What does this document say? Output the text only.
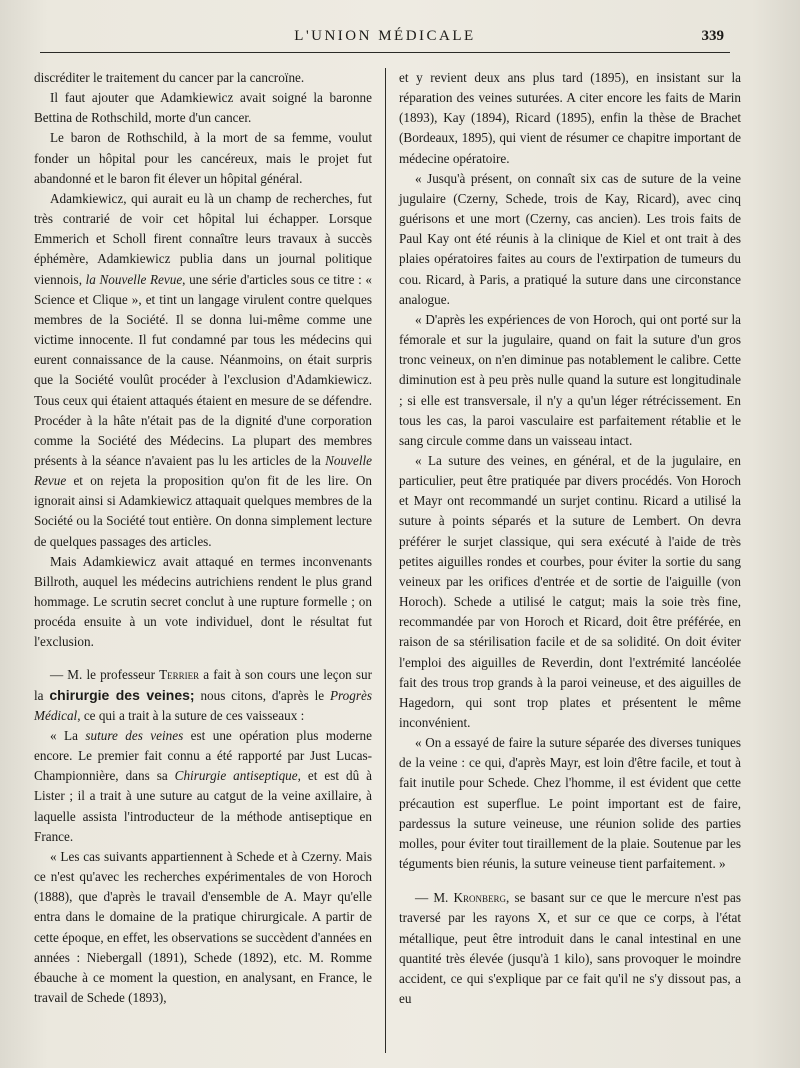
L'UNION MÉDICALE	339

discréditer le traitement du cancer par la cancroïne.

Il faut ajouter que Adamkiewicz avait soigné la baronne Bettina de Rothschild, morte d'un cancer.

Le baron de Rothschild, à la mort de sa femme, voulut fonder un hôpital pour les cancéreux, mais le projet fut abandonné et le baron fit élever un hôpital général.

Adamkiewicz, qui aurait eu là un champ de recherches, fut très contrarié de voir cet hôpital lui échapper. Lorsque Emmerich et Scholl firent connaître leurs travaux à succès éphémère, Adamkiewicz publia dans un journal politique viennois, la Nouvelle Revue, une série d'articles sous ce titre : « Science et Clique », et tint un langage virulent contre quelques membres de la Société. Il se donna lui-même comme une victime innocente. Il fut condamné par tous les médecins qui eurent connaissance de la cause. Néanmoins, on était surpris que la Société voulût procéder à l'exclusion d'Adamkiewicz. Tous ceux qui étaient attaqués étaient en mesure de se défendre. Procéder à la hâte n'était pas de la dignité d'une corporation comme la Société des Médecins. La plupart des membres présents à la séance n'avaient pas lu les articles de la Nouvelle Revue et on rejeta la proposition qu'on fit de les lire. On ignorait ainsi si Adamkiewicz attaquait quelques membres de la Société ou la Société tout entière. On donna simplement lecture de quelques passages des articles.

Mais Adamkiewicz avait attaqué en termes inconvenants Billroth, auquel les médecins autrichiens rendent le plus grand hommage. Le scrutin secret conclut à une rupture formelle ; on procéda ensuite à un vote individuel, dont le résultat fut l'exclusion.

— M. le professeur Terrier a fait à son cours une leçon sur la chirurgie des veines; nous citons, d'après le Progrès Médical, ce qui a trait à la suture de ces vaisseaux :

« La suture des veines est une opération plus moderne encore. Le premier fait connu a été rapporté par Just Lucas-Championnière, dans sa Chirurgie antiseptique, et est dû à Lister ; il a trait à une suture au catgut de la veine axillaire, à laquelle assista l'introducteur de la méthode antiseptique en France.

« Les cas suivants appartiennent à Schede et à Czerny. Mais ce n'est qu'avec les recherches expérimentales de von Horoch (1888), que d'après le travail d'ensemble de A. Mayr qu'elle entra dans le domaine de la pratique chirurgicale. A partir de cette époque, en effet, les observations se succèdent d'années en années : Niebergall (1891), Schede (1892), etc. M. Romme ébauche à ce moment la question, en analysant, en France, le travail de Schede (1893),

et y revient deux ans plus tard (1895), en insistant sur la réparation des veines suturées. A citer encore les faits de Marin (1893), Kay (1894), Ricard (1895), enfin la thèse de Brachet (Bordeaux, 1895), qui vient de résumer ce chapitre important de médecine opératoire.

« Jusqu'à présent, on connaît six cas de suture de la veine jugulaire (Czerny, Schede, trois de Kay, Ricard), avec cinq guérisons et une mort (Czerny, cas ancien). Les trois faits de Paul Kay ont été réunis à la clinique de Kiel et ont trait à des plaies opératoires faites au cours de l'extirpation de tumeurs du cou. Ricard, à Paris, a pratiqué la suture dans une circonstance analogue.

« D'après les expériences de von Horoch, qui ont porté sur la fémorale et sur la jugulaire, quand on fait la suture d'un gros tronc veineux, on n'en diminue pas notablement le calibre. Cette diminution est à peu près nulle quand la suture est longitudinale ; si elle est transversale, il n'y a qu'un léger rétrécissement. En tous les cas, la paroi vasculaire est parfaitement rétablie et le sang circule comme dans un vaisseau intact.

« La suture des veines, en général, et de la jugulaire, en particulier, peut être pratiquée par divers procédés. Von Horoch et Mayr ont recommandé un surjet continu. Ricard a utilisé la suture à points séparés et la suture de Lembert. On devra préférer le surjet classique, qui sera exécuté à l'aide de très petites aiguilles rondes et courbes, pour éviter la sortie du sang veineux par les orifices d'entrée et de sortie de l'aiguille (von Horoch). Schede a utilisé le catgut; mais la soie très fine, recommandée par von Horoch et Ricard, doit être préférée, en raison de sa stérilisation facile et de sa solidité. On doit éviter l'emploi des aiguilles de Reverdin, dont l'extrémité lancéolée fait des trous trop grands à la paroi veineuse, et des aiguilles de Hagedorn, qui sont trop plates et présentent le même inconvénient.

« On a essayé de faire la suture séparée des diverses tuniques de la veine : ce qui, d'après Mayr, est loin d'être facile, et tout à fait inutile pour Schede. Chez l'homme, il est évident que cette précaution est superflue. Le point important est de faire, pardessus la suture veineuse, une réunion solide des parties molles, pour éviter tout tiraillement de la plaie. Soutenue par les téguments bien réunis, la suture veineuse tient parfaitement. »

— M. Kronberg, se basant sur ce que le mercure n'est pas traversé par les rayons X, et sur ce que ce corps, à l'état métallique, peut être introduit dans le canal intestinal en une quantité très élevée (jusqu'à 1 kilo), sans provoquer le moindre accident, ce qui s'explique par ce fait qu'il ne s'y dissout pas, a eu
